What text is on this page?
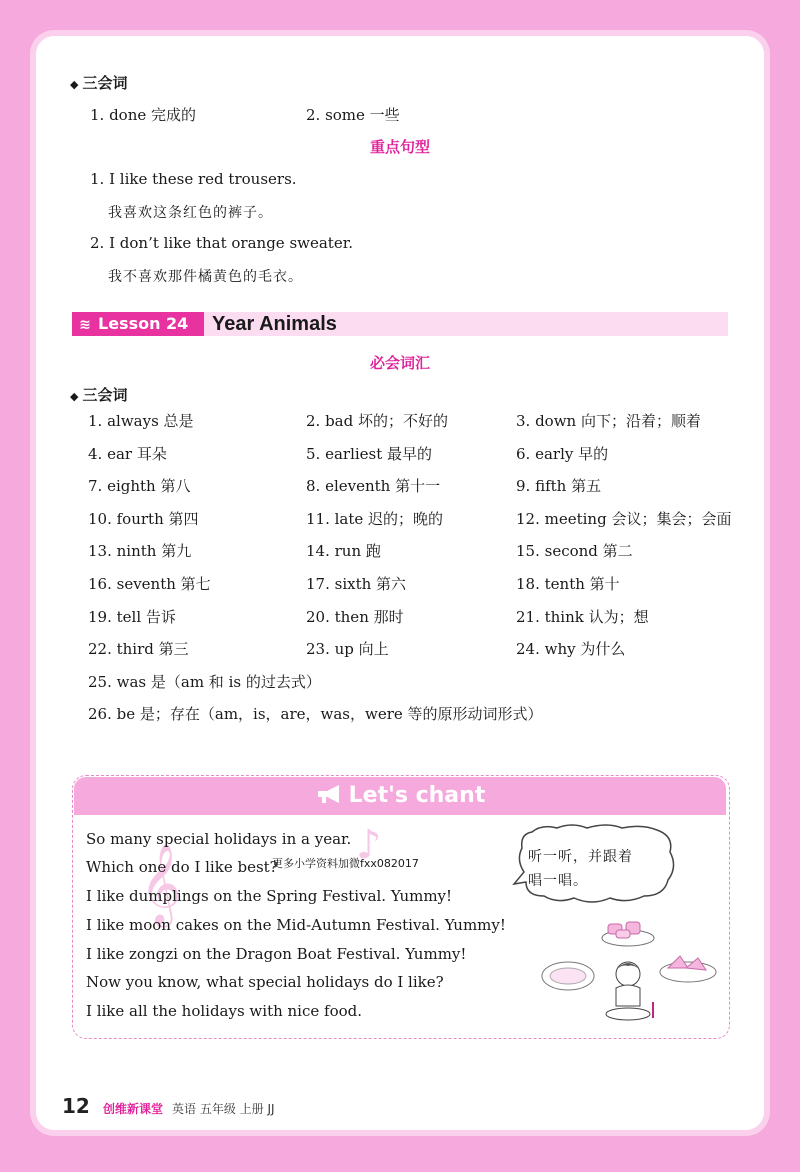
◆ 三会词
1. done 完成的	2. some 一些
重点句型
1. I like these red trousers.
我喜欢这条红色的裤子。
2. I don’t like that orange sweater.
我不喜欢那件橘黄色的毛衣。
≋ Lesson 24	Year Animals
必会词汇
◆ 三会词
1. always 总是	2. bad 坏的；不好的	3. down 向下；沿着；顺着
4. ear 耳朵	5. earliest 最早的	6. early 早的
7. eighth 第八	8. eleventh 第十一	9. fifth 第五
10. fourth 第四	11. late 迟的；晚的	12. meeting 会议；集会；会面
13. ninth 第九	14. run 跑	15. second 第二
16. seventh 第七	17. sixth 第六	18. tenth 第十
19. tell 告诉	20. then 那时	21. think 认为；想
22. third 第三	23. up 向上	24. why 为什么
25. was 是（am 和 is 的过去式）
26. be 是；存在（am，is，are，was，were 等的原形动词形式）
Let's chant
𝄞	♪
So many special holidays in a year.
Which one do I like best?
更多小学资料加微fxx082017
I like dumplings on the Spring Festival. Yummy!
I like moon cakes on the Mid-Autumn Festival. Yummy!
I like zongzi on the Dragon Boat Festival. Yummy!
Now you know, what special holidays do I like?
I like all the holidays with nice food.
听一听，并跟着
唱一唱。
12 创维新课堂 英语 五年级 上册 JJ
